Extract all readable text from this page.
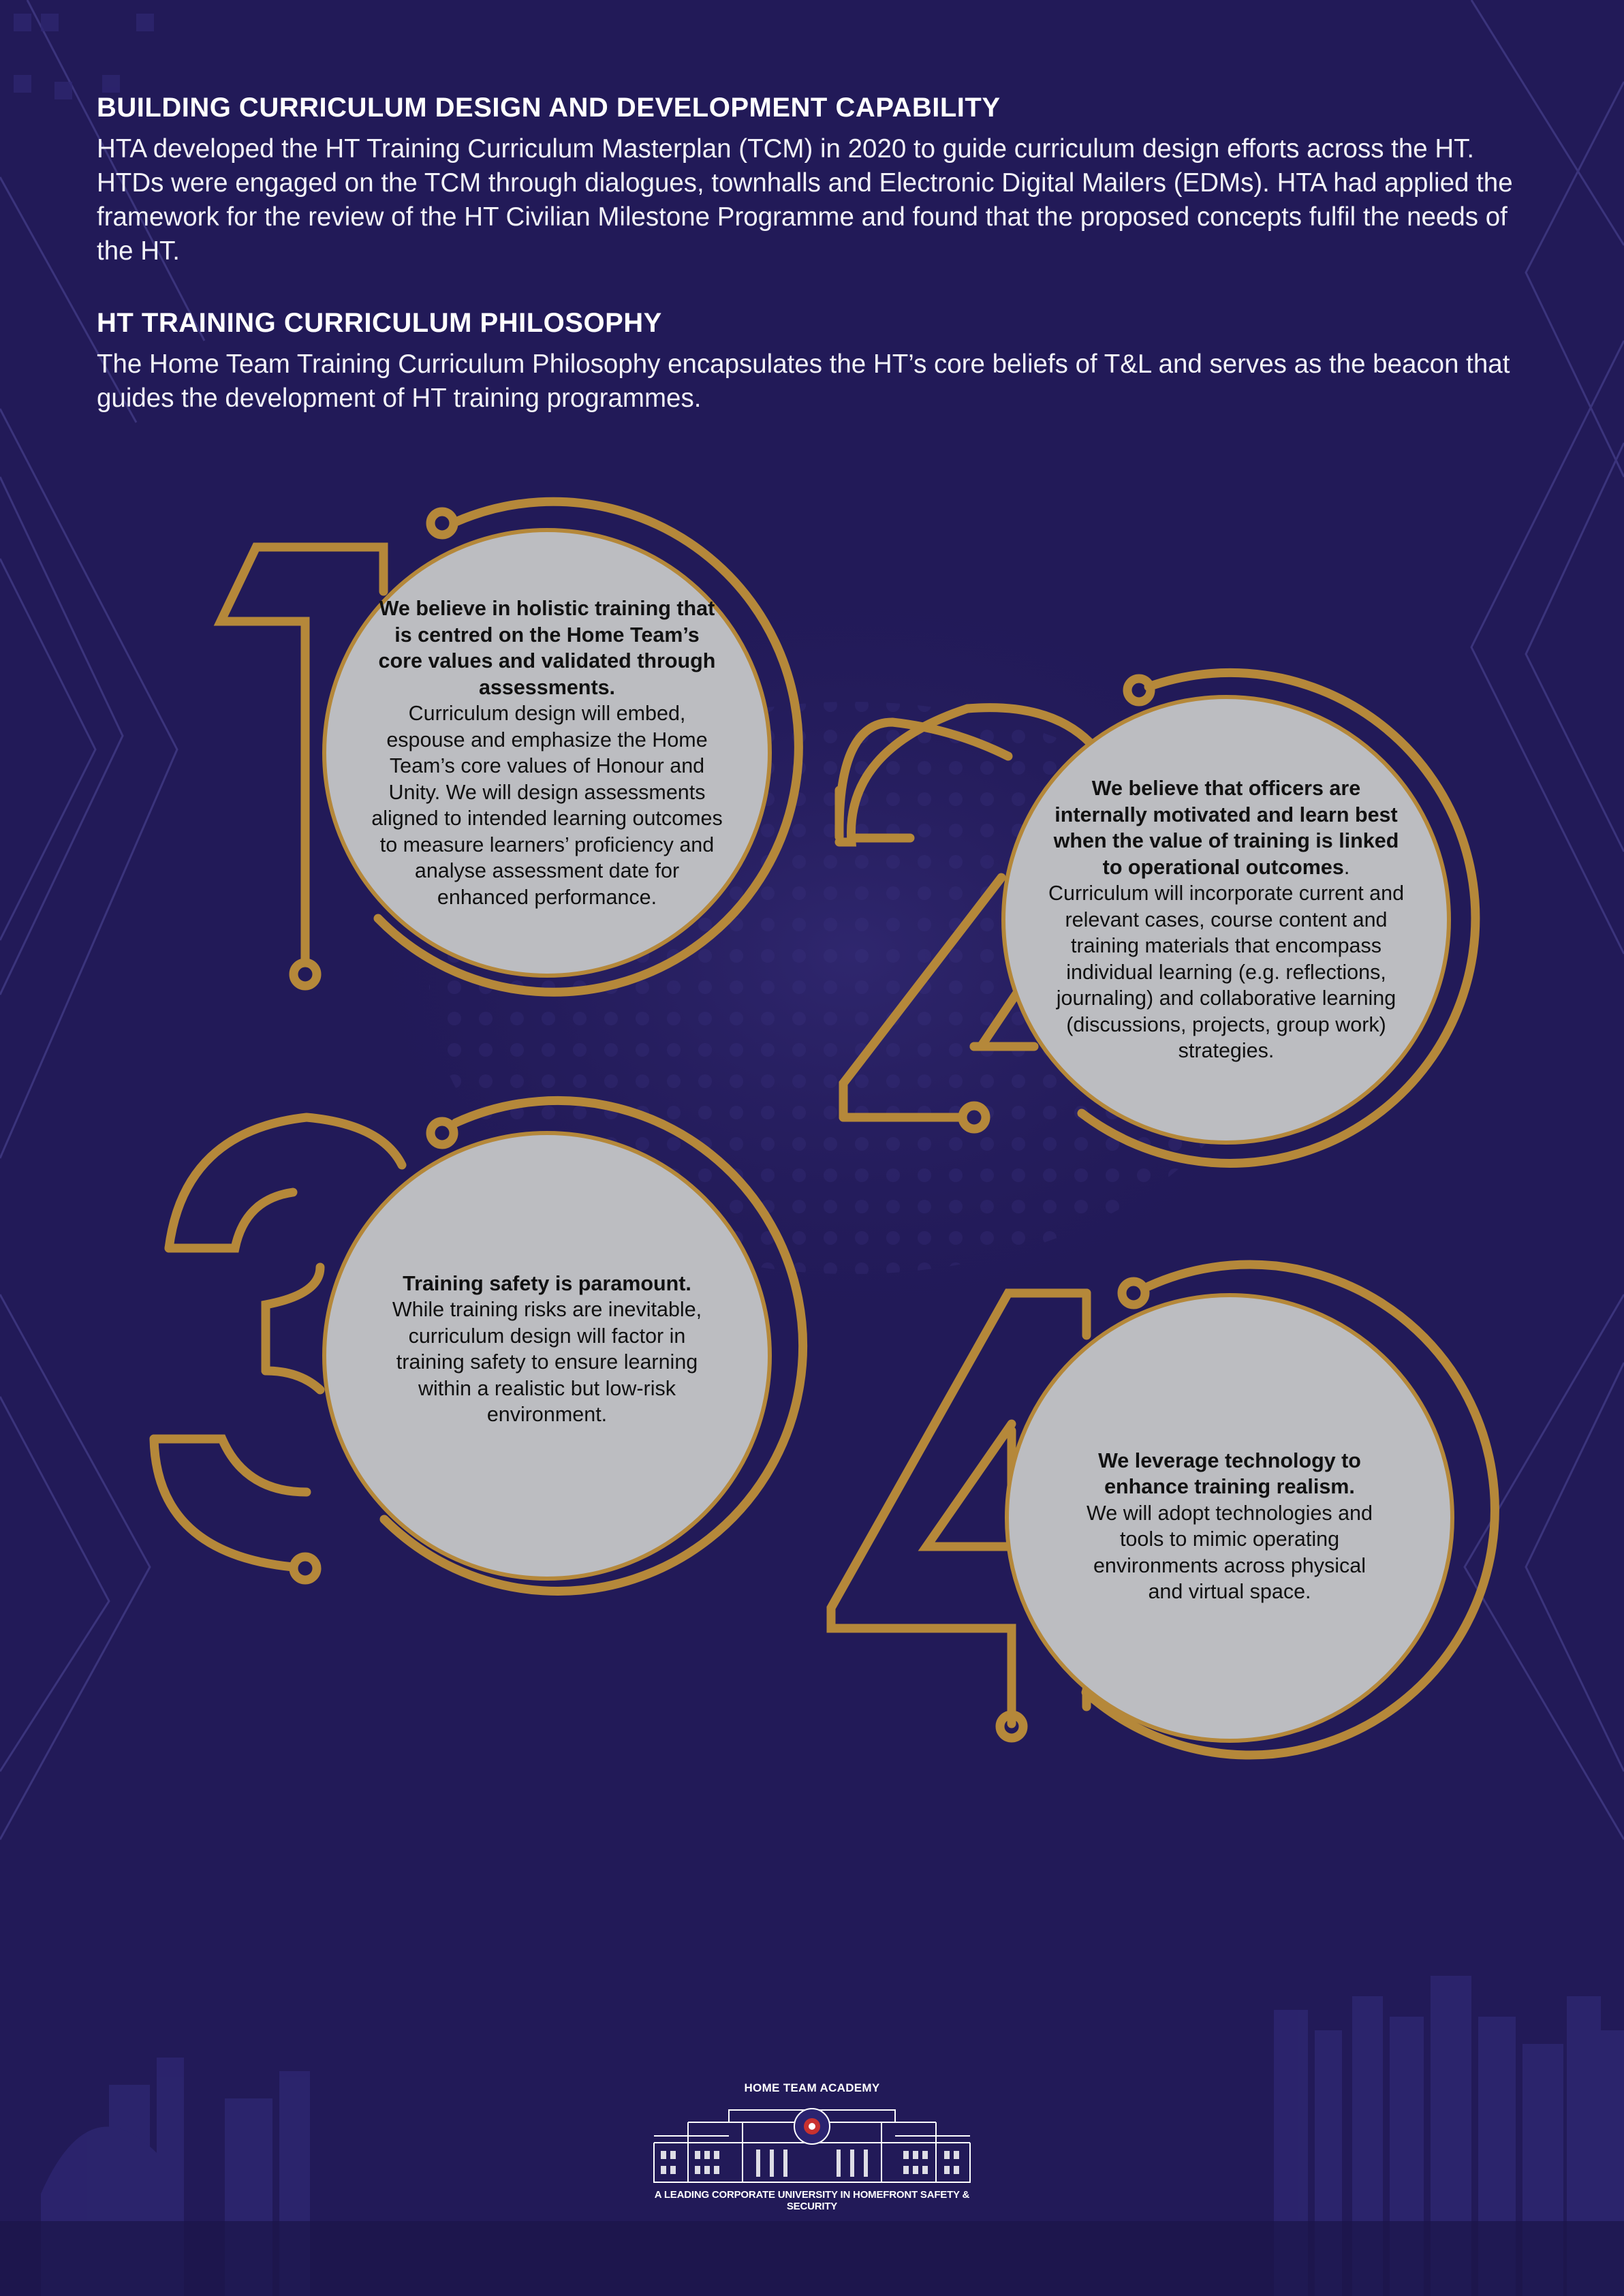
BUILDING CURRICULUM DESIGN AND DEVELOPMENT CAPABILITY

HTA developed the HT Training Curriculum Masterplan (TCM) in 2020 to guide curriculum design efforts across the HT. HTDs were engaged on the TCM through dialogues, townhalls and Electronic Digital Mailers (EDMs). HTA had applied the framework for the review of the HT Civilian Milestone Programme and found that the proposed concepts fulfil the needs of the HT.

HT TRAINING CURRICULUM PHILOSOPHY

The Home Team Training Curriculum Philosophy encapsulates the HT’s core beliefs of T&L and serves as the beacon that guides the development of HT training programmes.

We believe in holistic training that is centred on the Home Team’s core values and validated through assessments.
Curriculum design will embed, espouse and emphasize the Home Team’s core values of Honour and Unity. We will design assessments aligned to intended learning outcomes to measure learners’ proficiency and analyse assessment date for enhanced performance.
We believe that officers are internally motivated and learn best when the value of training is linked to operational outcomes.
Curriculum will incorporate current and relevant cases, course content and training materials that encompass individual learning (e.g. reflections, journaling) and collaborative learning (discussions, projects, group work) strategies.
Training safety is paramount.
While training risks are inevitable, curriculum design will factor in training safety to ensure learning within a realistic but low-risk environment.
We leverage technology to enhance training realism.
We will adopt technologies and tools to mimic operating environments across physical and virtual space.
HOME TEAM ACADEMY
A LEADING CORPORATE UNIVERSITY IN HOMEFRONT SAFETY & SECURITY
